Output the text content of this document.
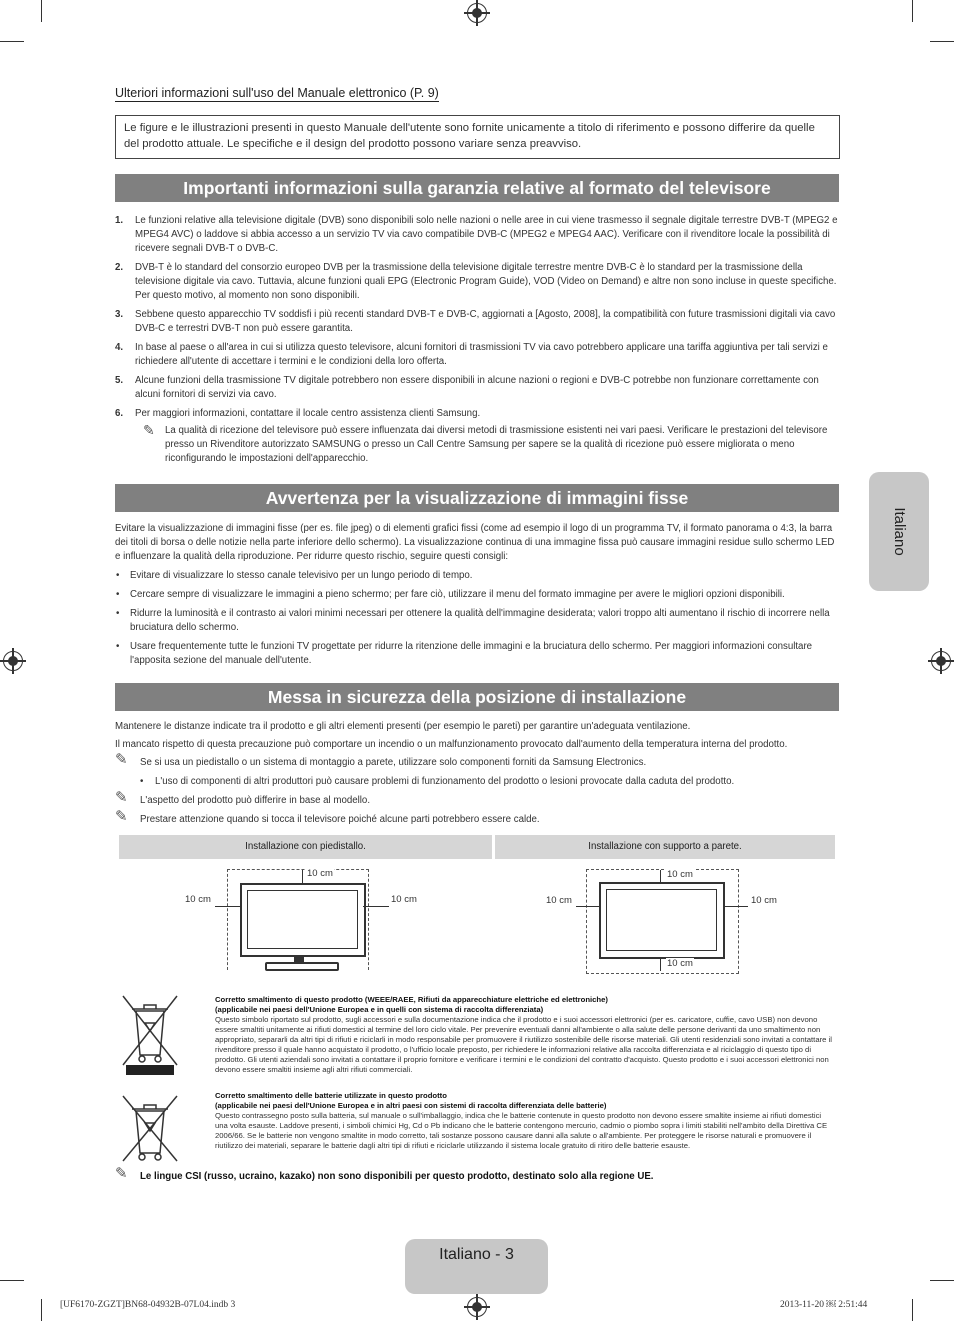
Ulteriori informazioni sull'uso del Manuale elettronico (P. 9)
Le figure e le illustrazioni presenti in questo Manuale dell'utente sono fornite unicamente a titolo di riferimento e possono differire da quelle del prodotto attuale. Le specifiche e il design del prodotto possono variare senza preavviso.
Importanti informazioni sulla garanzia relative al formato del televisore
1. Le funzioni relative alla televisione digitale (DVB) sono disponibili solo nelle nazioni o nelle aree in cui viene trasmesso il segnale digitale terrestre DVB-T (MPEG2 e MPEG4 AVC) o laddove si abbia accesso a un servizio TV via cavo compatibile DVB-C (MPEG2 e MPEG4 AAC). Verificare con il rivenditore locale la possibilità di ricevere segnali DVB-T o DVB-C.
2. DVB-T è lo standard del consorzio europeo DVB per la trasmissione della televisione digitale terrestre mentre DVB-C è lo standard per la trasmissione della televisione digitale via cavo. Tuttavia, alcune funzioni quali EPG (Electronic Program Guide), VOD (Video on Demand) e altre non sono incluse in queste specifiche. Per questo motivo, al momento non sono disponibili.
3. Sebbene questo apparecchio TV soddisfi i più recenti standard DVB-T e DVB-C, aggiornati a [Agosto, 2008], la compatibilità con future trasmissioni digitali via cavo DVB-C e terrestri DVB-T non può essere garantita.
4. In base al paese o all'area in cui si utilizza questo televisore, alcuni fornitori di trasmissioni TV via cavo potrebbero applicare una tariffa aggiuntiva per tali servizi e richiedere all'utente di accettare i termini e le condizioni della loro offerta.
5. Alcune funzioni della trasmissione TV digitale potrebbero non essere disponibili in alcune nazioni o regioni e DVB-C potrebbe non funzionare correttamente con alcuni fornitori di servizi via cavo.
6. Per maggiori informazioni, contattare il locale centro assistenza clienti Samsung.
✎	La qualità di ricezione del televisore può essere influenzata dai diversi metodi di trasmissione esistenti nei vari paesi. Verificare le prestazioni del televisore presso un Rivenditore autorizzato SAMSUNG o presso un Call Centre Samsung per sapere se la qualità di ricezione può essere migliorata o meno riconfigurando le impostazioni dell'apparecchio.
Avvertenza per la visualizzazione di immagini fisse
Evitare la visualizzazione di immagini fisse (per es. file jpeg) o di elementi grafici fissi (come ad esempio il logo di un programma TV, il formato panorama o 4:3, la barra dei titoli di borsa o delle notizie nella parte inferiore dello schermo). La visualizzazione continua di una immagine fissa può causare immagini residue sullo schermo LED e influenzare la qualità della riproduzione. Per ridurre questo rischio, seguire questi consigli:
• Evitare di visualizzare lo stesso canale televisivo per un lungo periodo di tempo.
• Cercare sempre di visualizzare le immagini a pieno schermo; per fare ciò, utilizzare il menu del formato immagine per avere le migliori opzioni disponibili.
• Ridurre la luminosità e il contrasto ai valori minimi necessari per ottenere la qualità dell'immagine desiderata; valori troppo alti aumentano il rischio di incorrere nella bruciatura dello schermo.
• Usare frequentemente tutte le funzioni TV progettate per ridurre la ritenzione delle immagini e la bruciatura dello schermo. Per maggiori informazioni consultare l'apposita sezione del manuale dell'utente.
Messa in sicurezza della posizione di installazione
Mantenere le distanze indicate tra il prodotto e gli altri elementi presenti (per esempio le pareti) per garantire un'adeguata ventilazione.
Il mancato rispetto di questa precauzione può comportare un incendio o un malfunzionamento provocato dall'aumento della temperatura interna del prodotto.
✎	Se si usa un piedistallo o un sistema di montaggio a parete, utilizzare solo componenti forniti da Samsung Electronics.
• L'uso di componenti di altri produttori può causare problemi di funzionamento del prodotto o lesioni provocate dalla caduta del prodotto.
✎	L'aspetto del prodotto può differire in base al modello.
✎	Prestare attenzione quando si tocca il televisore poiché alcune parti potrebbero essere calde.
Installazione con piedistallo.	Installazione con supporto a parete.
10 cm
10 cm	10 cm
10 cm
10 cm	10 cm
10 cm
Corretto smaltimento di questo prodotto (WEEE/RAEE, Rifiuti da apparecchiature elettriche ed elettroniche)
(applicabile nei paesi dell'Unione Europea e in quelli con sistema di raccolta differenziata)
Questo simbolo riportato sul prodotto, sugli accessori e sulla documentazione indica che il prodotto e i suoi accessori elettronici (per es. caricatore, cuffie, cavo USB) non devono essere smaltiti unitamente ai rifiuti domestici al termine del loro ciclo vitale. Per prevenire eventuali danni all'ambiente o alla salute delle persone derivanti da uno smaltimento non appropriato, separarli da altri tipi di rifiuti e riciclarli in modo responsabile per promuovere il riutilizzo sostenibile delle risorse materiali. Gli utenti residenziali sono invitati a contattare il rivenditore presso il quale hanno acquistato il prodotto, o l'ufficio locale preposto, per richiedere le informazioni relative alla raccolta differenziata e al riciclaggio di questo tipo di prodotto. Gli utenti aziendali sono invitati a contattare il proprio fornitore e verificare i termini e le condizioni del contratto d'acquisto. Questo prodotto e i suoi accessori elettronici non devono essere smaltiti insieme agli altri rifiuti commerciali.
Corretto smaltimento delle batterie utilizzate in questo prodotto
(applicabile nei paesi dell'Unione Europea e in altri paesi con sistemi di raccolta differenziata delle batterie)
Questo contrassegno posto sulla batteria, sul manuale o sull'imballaggio, indica che le batterie contenute in questo prodotto non devono essere smaltite insieme ai rifiuti domestici una volta esauste. Laddove presenti, i simboli chimici Hg, Cd o Pb indicano che le batterie contengono mercurio, cadmio o piombo sopra i limiti stabiliti nell'ambito della Direttiva CE 2006/66. Se le batterie non vengono smaltite in modo corretto, tali sostanze possono causare danni alla salute o all'ambiente. Per proteggere le risorse naturali e promuovere il riutilizzo dei materiali, separare le batterie dagli altri tipi di rifiuti e riciclarle utilizzando il sistema locale gratuito di ritiro delle batterie esauste.
✎	Le lingue CSI (russo, ucraino, kazako) non sono disponibili per questo prodotto, destinato solo alla regione UE.
Italiano
Italiano - 3
[UF6170-ZGZT]BN68-04932B-07L04.indb 3	2013-11-20 ￼ 2:51:44
